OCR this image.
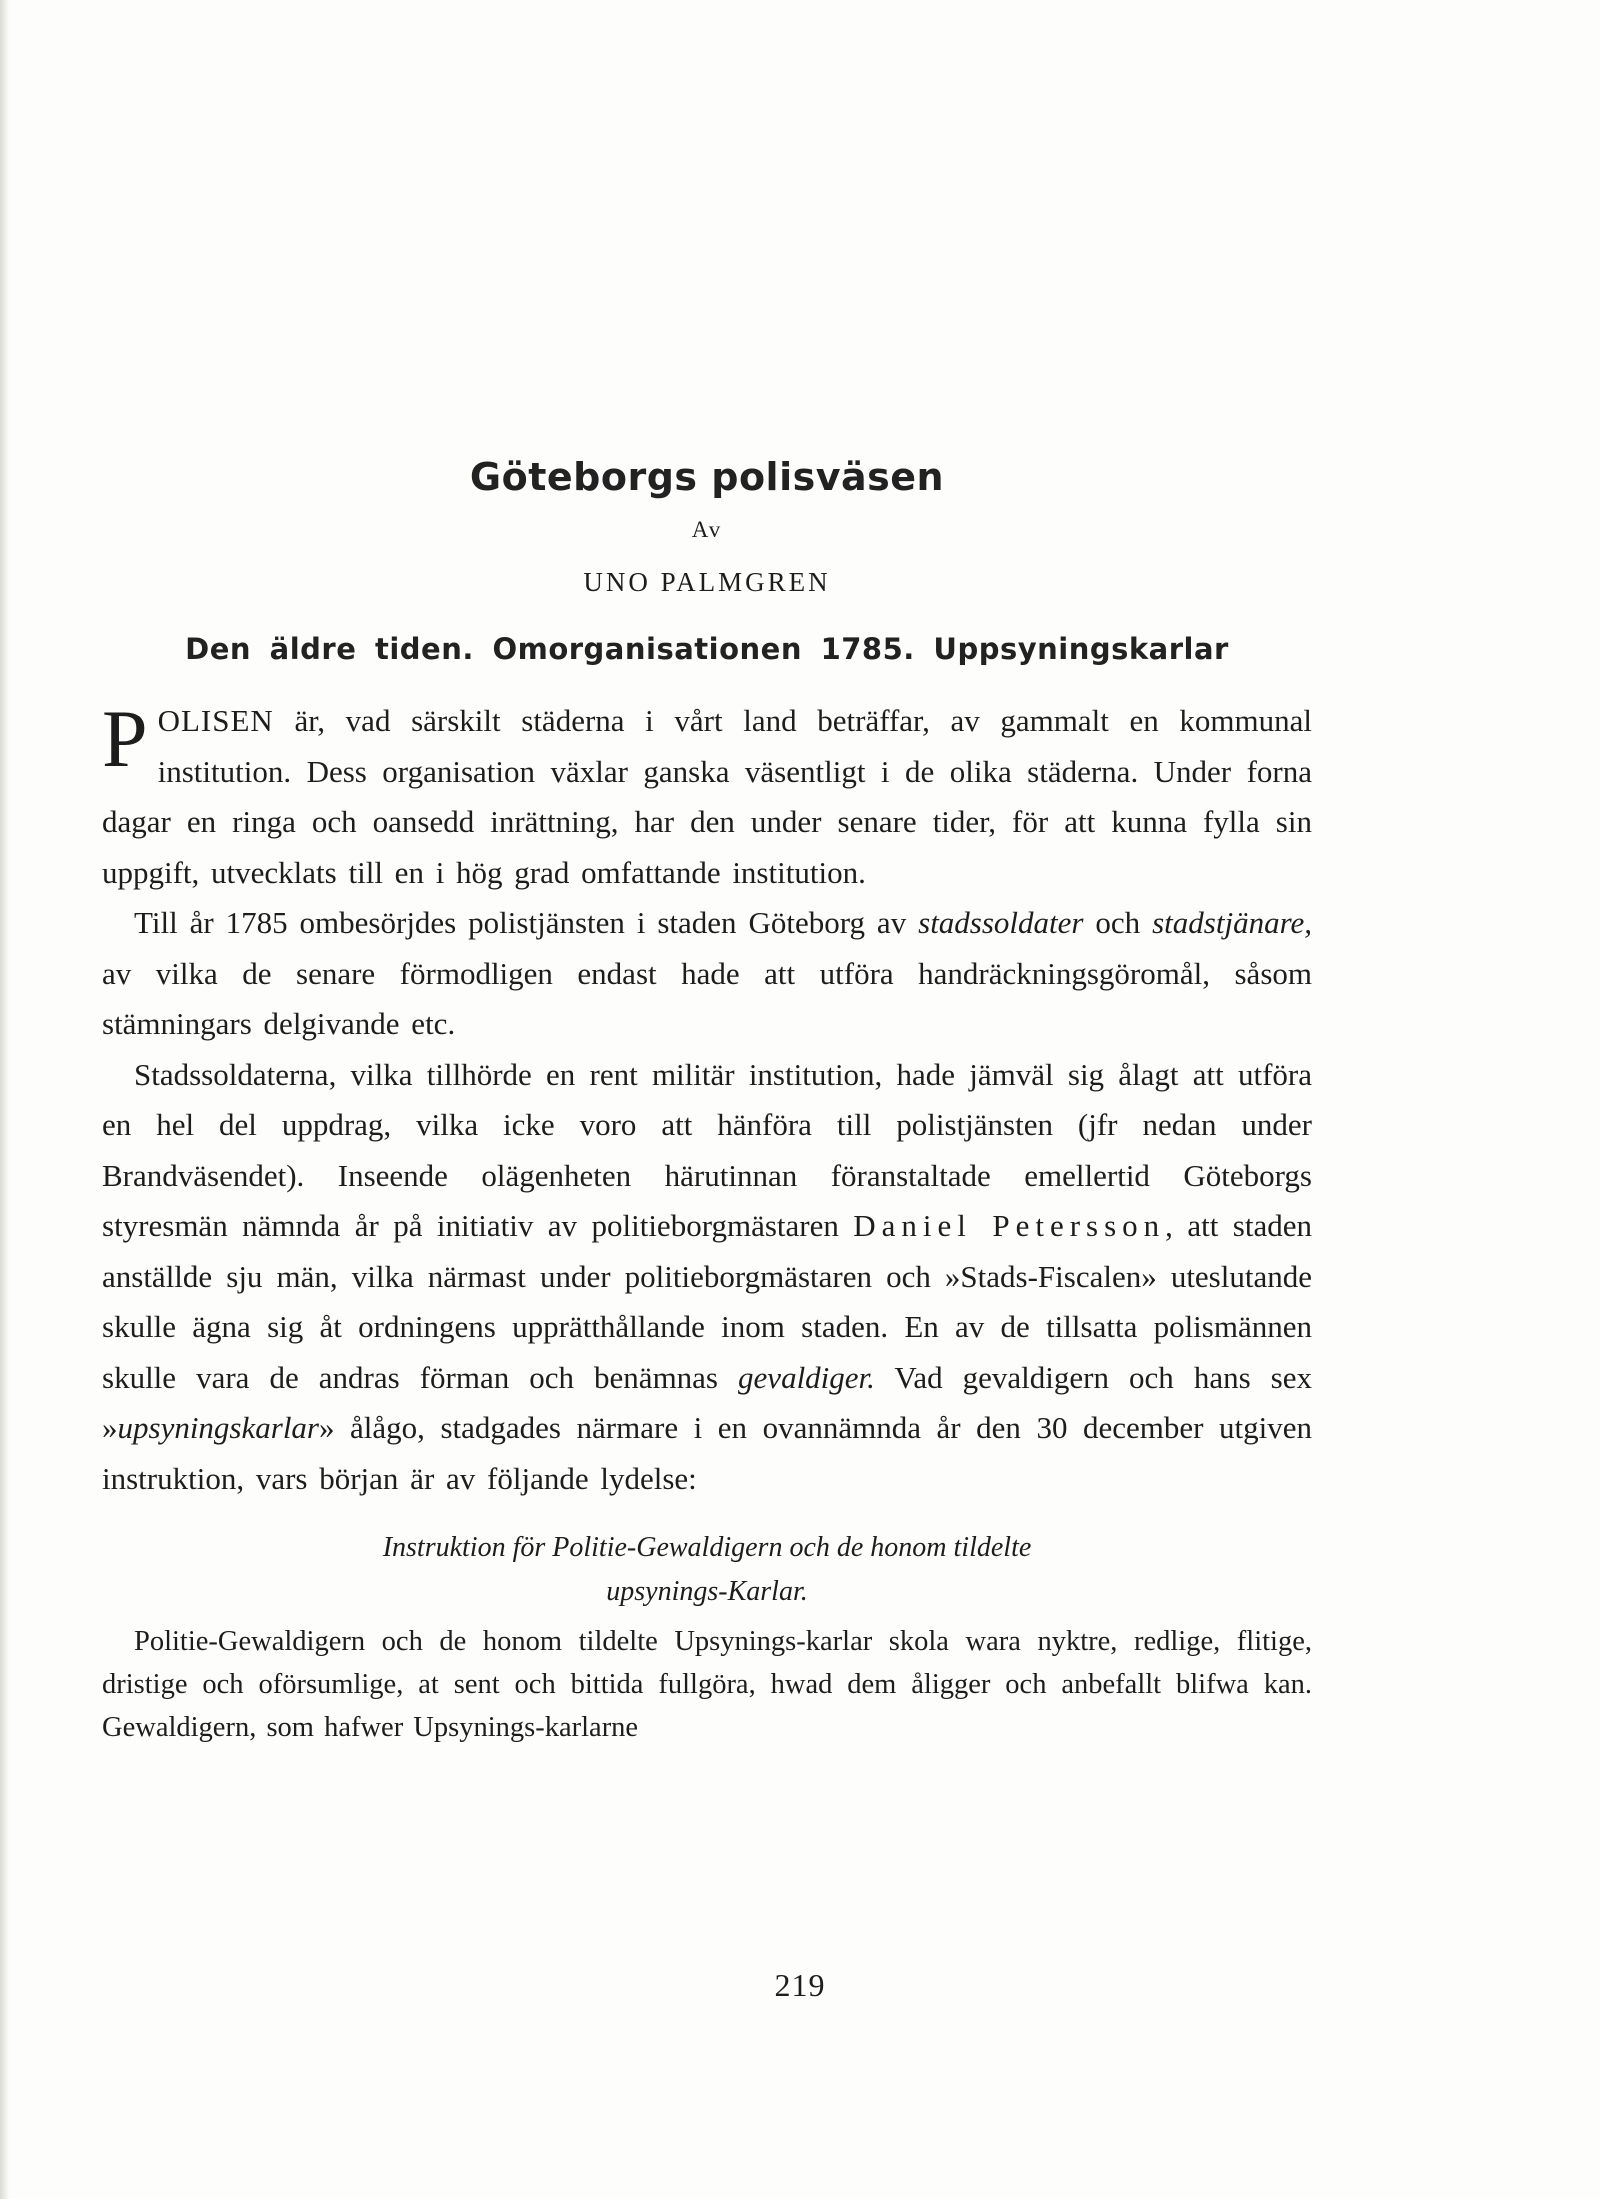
Göteborgs polisväsen
Av
UNO PALMGREN
Den äldre tiden. Omorganisationen 1785. Uppsyningskarlar

POLISEN är, vad särskilt städerna i vårt land beträffar, av gammalt en kommunal institution. Dess organisation växlar ganska väsentligt i de olika städerna. Under forna dagar en ringa och oansedd inrättning, har den under senare tider, för att kunna fylla sin uppgift, utvecklats till en i hög grad omfattande institution.

Till år 1785 ombesörjdes polistjänsten i staden Göteborg av stadssoldater och stadstjänare, av vilka de senare förmodligen endast hade att utföra handräckningsgöromål, såsom stämningars delgivande etc.

Stadssoldaterna, vilka tillhörde en rent militär institution, hade jämväl sig ålagt att utföra en hel del uppdrag, vilka icke voro att hänföra till polistjänsten (jfr nedan under Brandväsendet). Inseende olägenheten härutinnan föranstaltade emellertid Göteborgs styresmän nämnda år på initiativ av politieborgmästaren Daniel Petersson, att staden anställde sju män, vilka närmast under politieborgmästaren och »Stads-Fiscalen» uteslutande skulle ägna sig åt ordningens upprätthållande inom staden. En av de tillsatta polismännen skulle vara de andras förman och benämnas gevaldiger. Vad gevaldigern och hans sex »upsyningskarlar» ålågo, stadgades närmare i en ovannämnda år den 30 december utgiven instruktion, vars början är av följande lydelse:

Instruktion för Politie-Gewaldigern och de honom tildelte
upsynings-Karlar.

Politie-Gewaldigern och de honom tildelte Upsynings-karlar skola wara nyktre, redlige, flitige, dristige och oförsumlige, at sent och bittida fullgöra, hwad dem åligger och anbefallt blifwa kan. Gewaldigern, som hafwer Upsynings-karlarne

219
